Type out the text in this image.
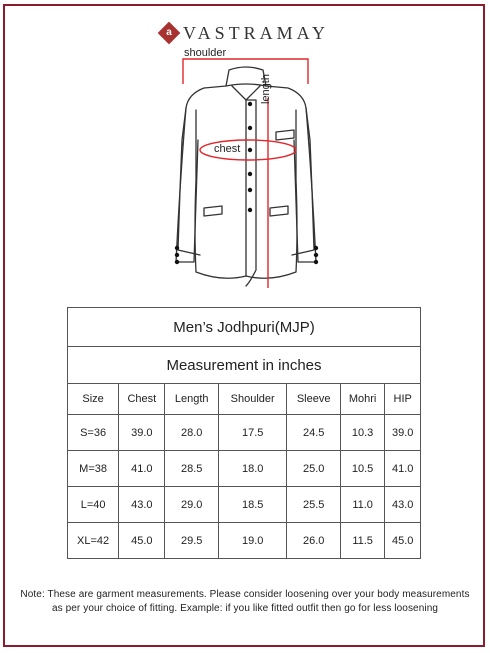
a VASTRAMAY
shoulder
length
chest
Men’s Jodhpuri(MJP)						
Measurement in inches						
Size	Chest	Length	Shoulder	Sleeve	Mohri	HIP
S=36	39.0	28.0	17.5	24.5	10.3	39.0
M=38	41.0	28.5	18.0	25.0	10.5	41.0
L=40	43.0	29.0	18.5	25.5	11.0	43.0
XL=42	45.0	29.5	19.0	26.0	11.5	45.0
Note: These are garment measurements. Please consider loosening over your body measurements
as per your choice of fitting. Example: if you like fitted outfit then go for less loosening
